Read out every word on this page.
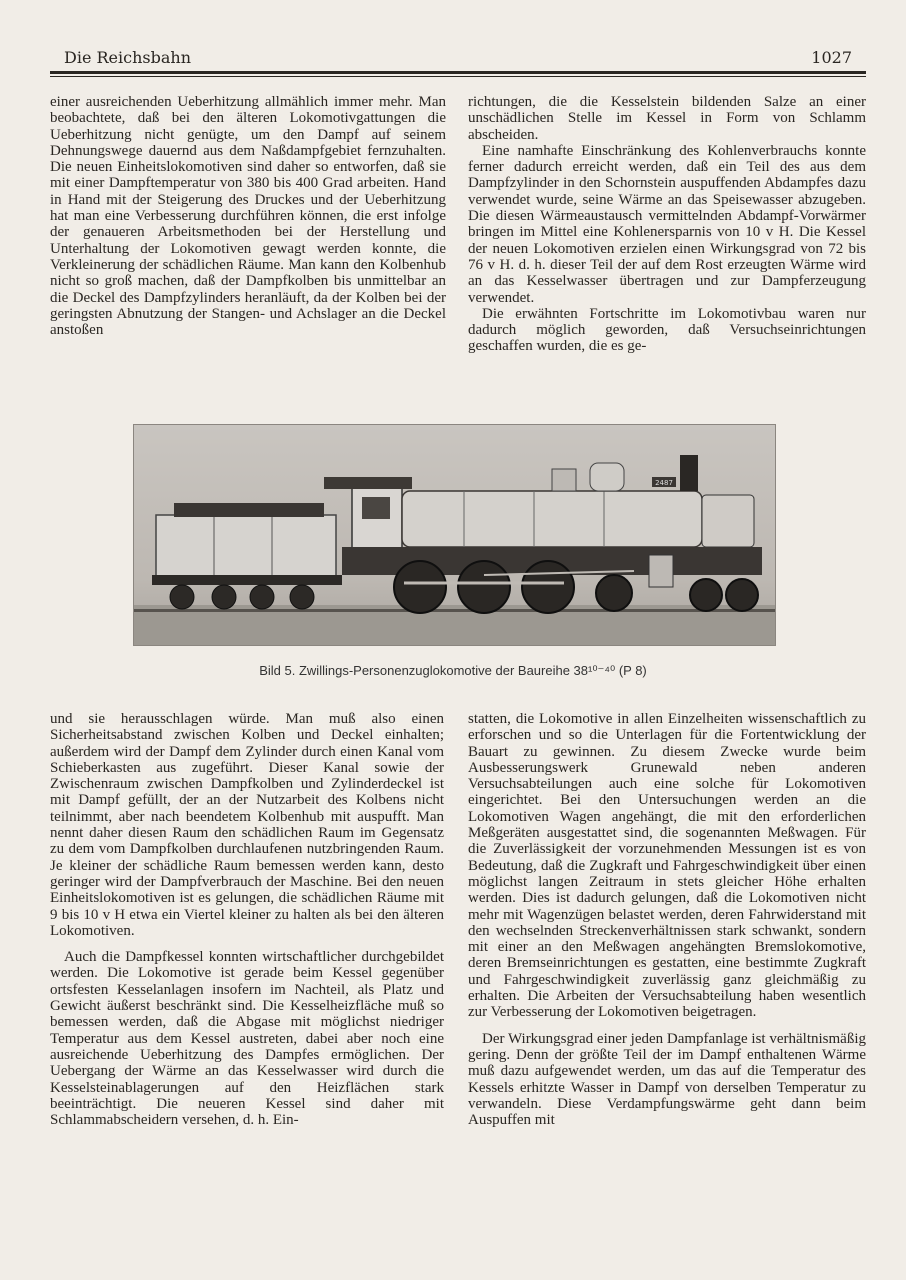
Die Reichsbahn	1027

einer ausreichenden Ueberhitzung allmählich immer mehr. Man beobachtete, daß bei den älteren Lokomotivgattungen die Ueberhitzung nicht genügte, um den Dampf auf seinem Dehnungswege dauernd aus dem Naßdampfgebiet fernzuhalten. Die neuen Einheitslokomotiven sind daher so entworfen, daß sie mit einer Dampftemperatur von 380 bis 400 Grad arbeiten. Hand in Hand mit der Steigerung des Druckes und der Ueberhitzung hat man eine Verbesserung durchführen können, die erst infolge der genaueren Arbeitsmethoden bei der Herstellung und Unterhaltung der Lokomotiven gewagt werden konnte, die Verkleinerung der schädlichen Räume. Man kann den Kolbenhub nicht so groß machen, daß der Dampfkolben bis unmittelbar an die Deckel des Dampfzylinders heranläuft, da der Kolben bei der geringsten Abnutzung der Stangen- und Achslager an die Deckel anstoßen

richtungen, die die Kesselstein bildenden Salze an einer unschädlichen Stelle im Kessel in Form von Schlamm abscheiden.

Eine namhafte Einschränkung des Kohlenverbrauchs konnte ferner dadurch erreicht werden, daß ein Teil des aus dem Dampfzylinder in den Schornstein auspuffenden Abdampfes dazu verwendet wurde, seine Wärme an das Speisewasser abzugeben. Die diesen Wärmeaustausch vermittelnden Abdampf-Vorwärmer bringen im Mittel eine Kohlenersparnis von 10 v H. Die Kessel der neuen Lokomotiven erzielen einen Wirkungsgrad von 72 bis 76 v H. d. h. dieser Teil der auf dem Rost erzeugten Wärme wird an das Kesselwasser übertragen und zur Dampferzeugung verwendet.

Die erwähnten Fortschritte im Lokomotivbau waren nur dadurch möglich geworden, daß Versuchseinrichtungen geschaffen wurden, die es ge-

2487
Bild 5. Zwillings-Personenzuglokomotive der Baureihe 38¹⁰⁻⁴⁰ (P 8)

und sie herausschlagen würde. Man muß also einen Sicherheitsabstand zwischen Kolben und Deckel einhalten; außerdem wird der Dampf dem Zylinder durch einen Kanal vom Schieberkasten aus zugeführt. Dieser Kanal sowie der Zwischenraum zwischen Dampfkolben und Zylinderdeckel ist mit Dampf gefüllt, der an der Nutzarbeit des Kolbens nicht teilnimmt, aber nach beendetem Kolbenhub mit auspufft. Man nennt daher diesen Raum den schädlichen Raum im Gegensatz zu dem vom Dampfkolben durchlaufenen nutzbringenden Raum. Je kleiner der schädliche Raum bemessen werden kann, desto geringer wird der Dampfverbrauch der Maschine. Bei den neuen Einheitslokomotiven ist es gelungen, die schädlichen Räume mit 9 bis 10 v H etwa ein Viertel kleiner zu halten als bei den älteren Lokomotiven.

Auch die Dampfkessel konnten wirtschaftlicher durchgebildet werden. Die Lokomotive ist gerade beim Kessel gegenüber ortsfesten Kesselanlagen insofern im Nachteil, als Platz und Gewicht äußerst beschränkt sind. Die Kesselheizfläche muß so bemessen werden, daß die Abgase mit möglichst niedriger Temperatur aus dem Kessel austreten, dabei aber noch eine ausreichende Ueberhitzung des Dampfes ermöglichen. Der Uebergang der Wärme an das Kesselwasser wird durch die Kesselsteinablagerungen auf den Heizflächen stark beeinträchtigt. Die neueren Kessel sind daher mit Schlammabscheidern versehen, d. h. Ein-

statten, die Lokomotive in allen Einzelheiten wissenschaftlich zu erforschen und so die Unterlagen für die Fortentwicklung der Bauart zu gewinnen. Zu diesem Zwecke wurde beim Ausbesserungswerk Grunewald neben anderen Versuchsabteilungen auch eine solche für Lokomotiven eingerichtet. Bei den Untersuchungen werden an die Lokomotiven Wagen angehängt, die mit den erforderlichen Meßgeräten ausgestattet sind, die sogenannten Meßwagen. Für die Zuverlässigkeit der vorzunehmenden Messungen ist es von Bedeutung, daß die Zugkraft und Fahrgeschwindigkeit über einen möglichst langen Zeitraum in stets gleicher Höhe erhalten werden. Dies ist dadurch gelungen, daß die Lokomotiven nicht mehr mit Wagenzügen belastet werden, deren Fahrwiderstand mit den wechselnden Streckenverhältnissen stark schwankt, sondern mit einer an den Meßwagen angehängten Bremslokomotive, deren Bremseinrichtungen es gestatten, eine bestimmte Zugkraft und Fahrgeschwindigkeit zuverlässig ganz gleichmäßig zu erhalten. Die Arbeiten der Versuchsabteilung haben wesentlich zur Verbesserung der Lokomotiven beigetragen.

Der Wirkungsgrad einer jeden Dampfanlage ist verhältnismäßig gering. Denn der größte Teil der im Dampf enthaltenen Wärme muß dazu aufgewendet werden, um das auf die Temperatur des Kessels erhitzte Wasser in Dampf von derselben Temperatur zu verwandeln. Diese Verdampfungswärme geht dann beim Auspuffen mit
